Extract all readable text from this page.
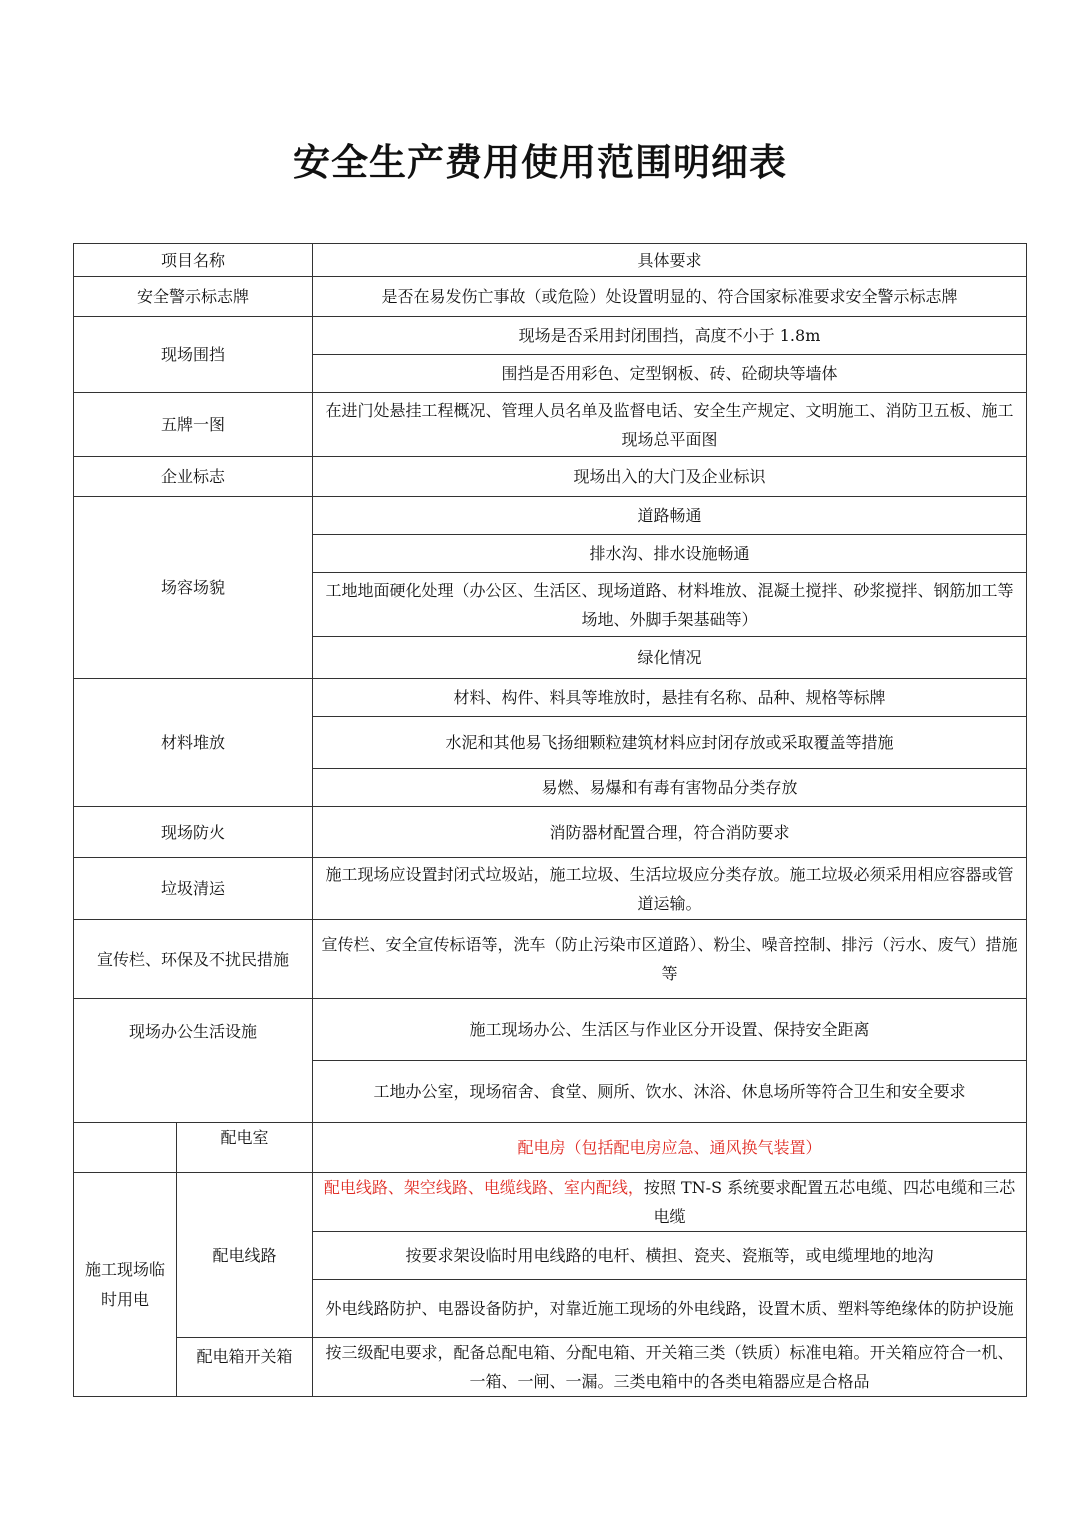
安全生产费用使用范围明细表
项目名称		具体要求
安全警示标志牌		是否在易发伤亡事故（或危险）处设置明显的、符合国家标准要求安全警示标志牌
现场围挡		现场是否采用封闭围挡，高度不小于 1.8m
		围挡是否用彩色、定型钢板、砖、砼砌块等墙体
五牌一图		在进门处悬挂工程概况、管理人员名单及监督电话、安全生产规定、文明施工、消防卫五板、施工现场总平面图
企业标志		现场出入的大门及企业标识
场容场貌		道路畅通
		排水沟、排水设施畅通
		工地地面硬化处理（办公区、生活区、现场道路、材料堆放、混凝土搅拌、砂浆搅拌、钢筋加工等场地、外脚手架基础等）
		绿化情况
材料堆放		材料、构件、料具等堆放时，悬挂有名称、品种、规格等标牌
		水泥和其他易飞扬细颗粒建筑材料应封闭存放或采取覆盖等措施
		易燃、易爆和有毒有害物品分类存放
现场防火		消防器材配置合理，符合消防要求
垃圾清运		施工现场应设置封闭式垃圾站，施工垃圾、生活垃圾应分类存放。施工垃圾必须采用相应容器或管道运输。
宣传栏、环保及不扰民措施		宣传栏、安全宣传标语等，洗车（防止污染市区道路）、粉尘、噪音控制、排污（污水、废气）措施等
现场办公生活设施		施工现场办公、生活区与作业区分开设置、保持安全距离
		工地办公室，现场宿舍、食堂、厕所、饮水、沐浴、休息场所等符合卫生和安全要求
	配电室	配电房（包括配电房应急、通风换气装置）
施工现场临时用电	配电线路	配电线路、架空线路、电缆线路、室内配线，按照 TN-S 系统要求配置五芯电缆、四芯电缆和三芯电缆
		按要求架设临时用电线路的电杆、横担、瓷夹、瓷瓶等，或电缆埋地的地沟
		外电线路防护、电器设备防护，对靠近施工现场的外电线路，设置木质、塑料等绝缘体的防护设施
	配电箱开关箱	按三级配电要求，配备总配电箱、分配电箱、开关箱三类（铁质）标准电箱。开关箱应符合一机、一箱、一闸、一漏。三类电箱中的各类电箱器应是合格品
